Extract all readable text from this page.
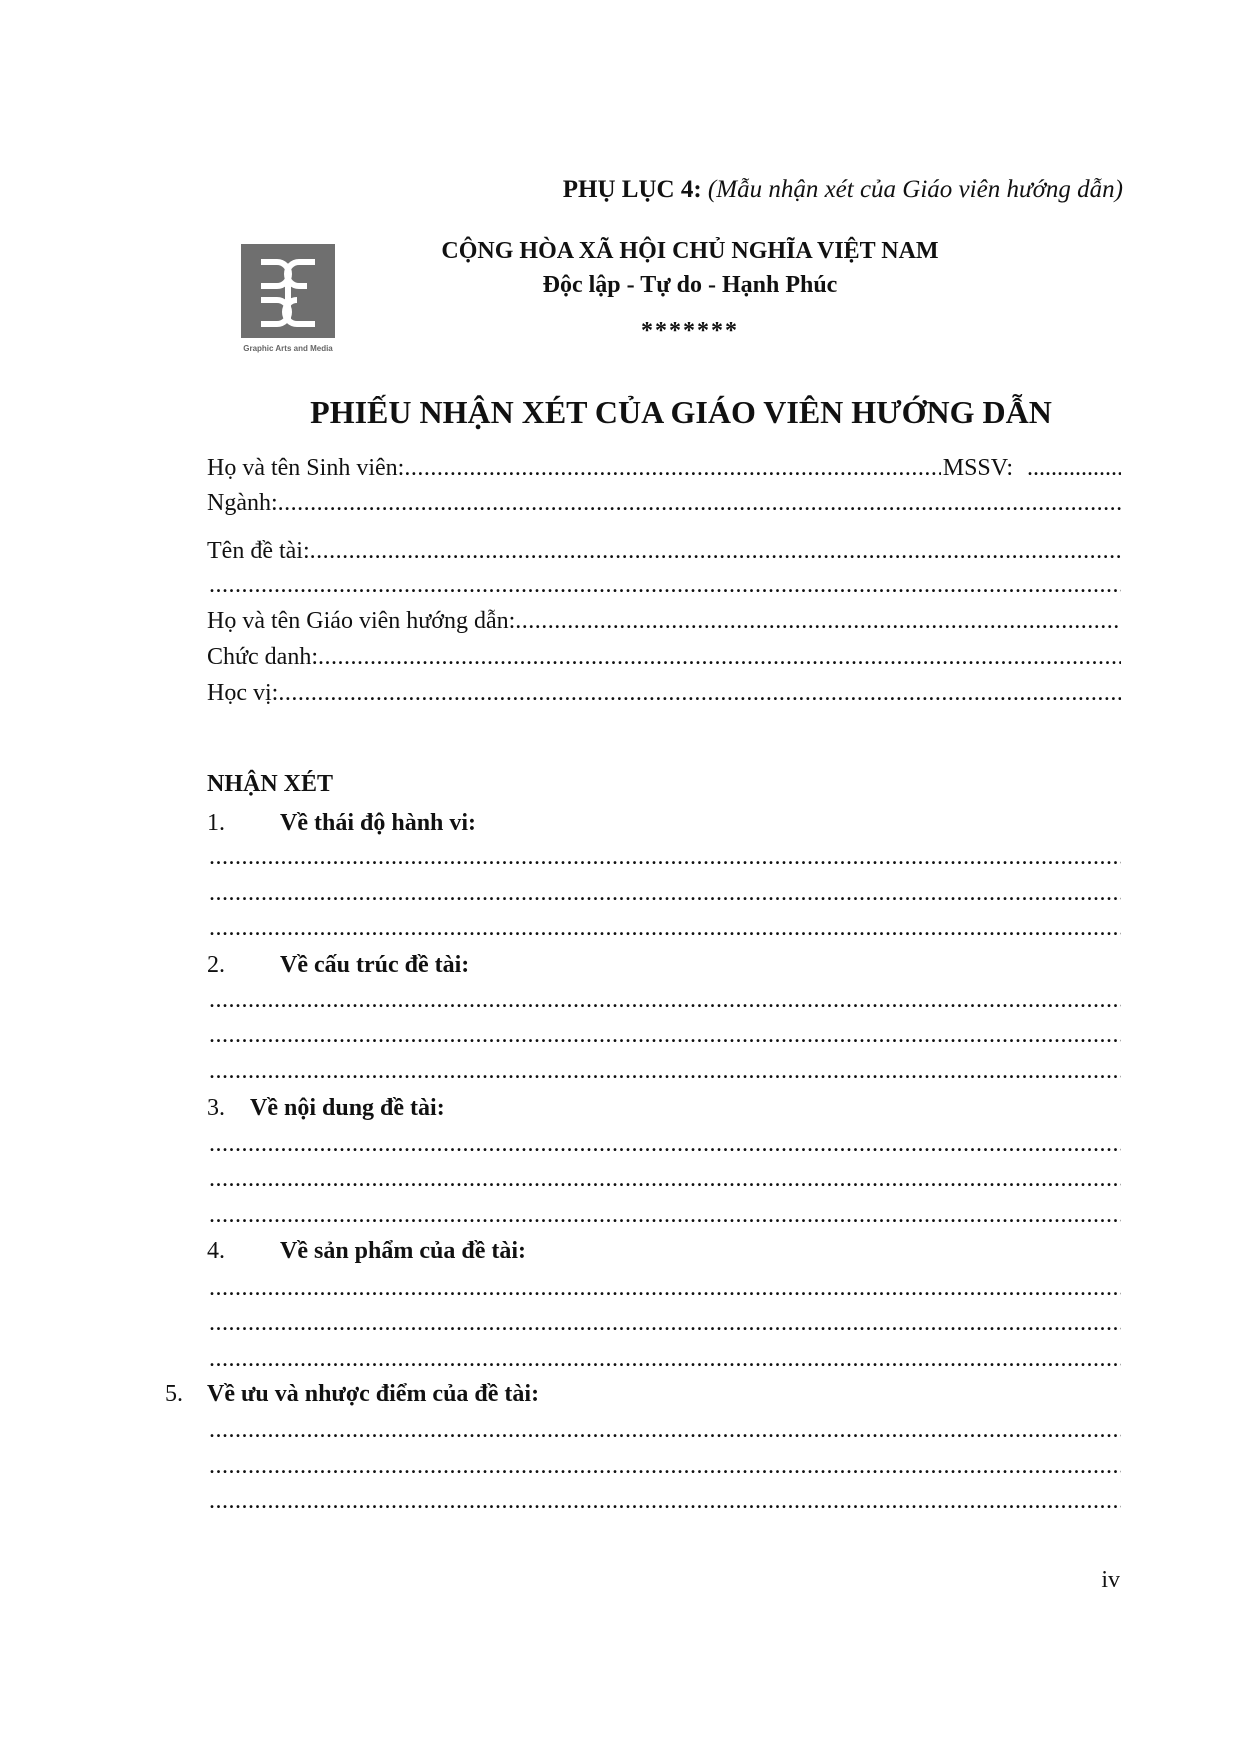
PHỤ LỤC 4: (Mẫu nhận xét của Giáo viên hướng dẫn)
Graphic Arts and Media
CỘNG HÒA XÃ HỘI CHỦ NGHĨA VIỆT NAM
Độc lập - Tự do - Hạnh Phúc
*******
PHIẾU NHẬN XÉT CỦA GIÁO VIÊN HƯỚNG DẪN
Họ và tên Sinh viên:
.....	MSSV:
.....
Ngành:
.....
Tên đề tài:
.....
.....
Họ và tên Giáo viên hướng dẫn:
.....
Chức danh:
.....
Học vị:
.....
NHẬN XÉT
1. Về thái độ hành vi:
.....
.....
.....
2. Về cấu trúc đề tài:
.....
.....
.....
3. Về nội dung đề tài:
.....
.....
.....
4. Về sản phẩm của đề tài:
.....
.....
.....
5. Về ưu và nhược điểm của đề tài:
.....
.....
.....
iv
